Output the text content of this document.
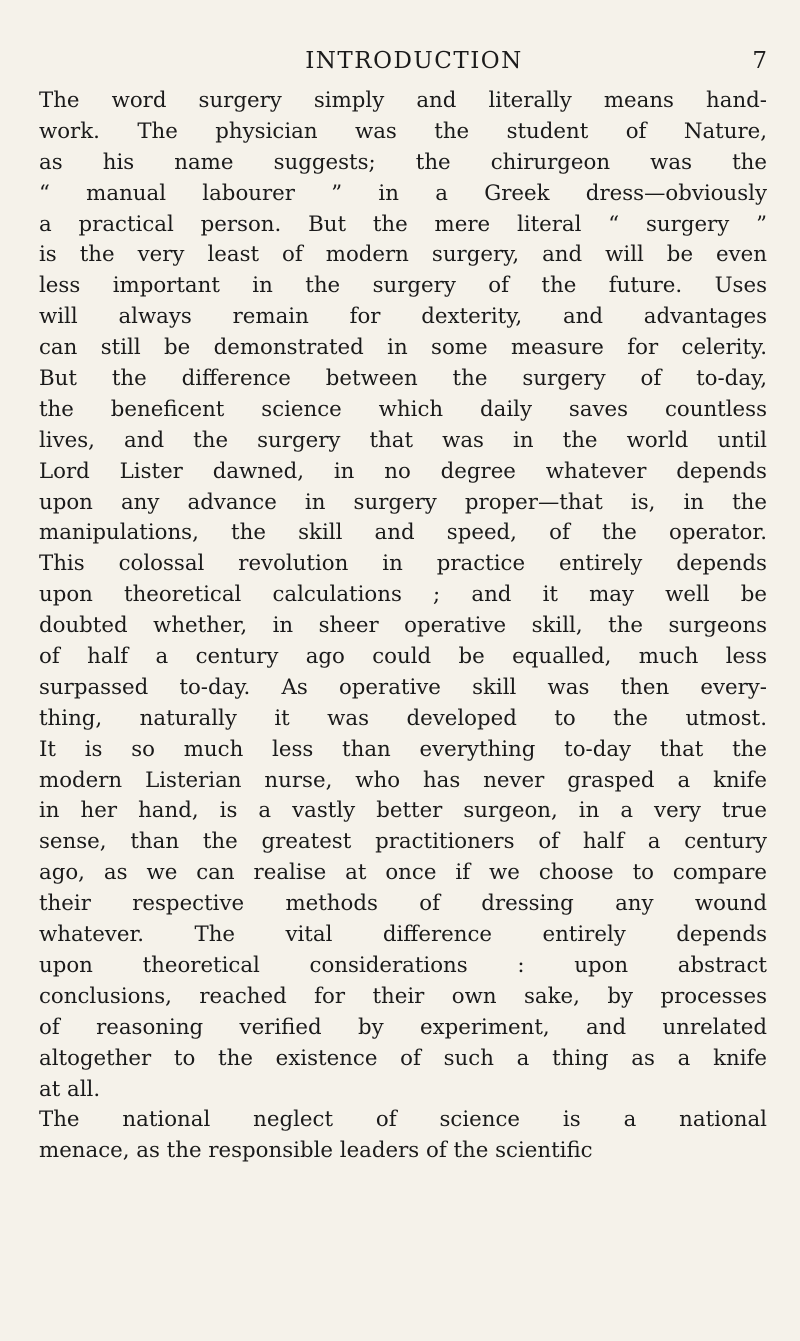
INTRODUCTION	7
The word surgery simply and literally means hand-
work. The physician was the student of Nature,
as his name suggests; the chirurgeon was the
“ manual labourer ” in a Greek dress—obviously
a practical person. But the mere literal “ surgery ”
is the very least of modern surgery, and will be even
less important in the surgery of the future. Uses
will always remain for dexterity, and advantages
can still be demonstrated in some measure for celerity.
But the difference between the surgery of to-day,
the beneficent science which daily saves countless
lives, and the surgery that was in the world until
Lord Lister dawned, in no degree whatever depends
upon any advance in surgery proper—that is, in the
manipulations, the skill and speed, of the operator.
This colossal revolution in practice entirely depends
upon theoretical calculations ; and it may well be
doubted whether, in sheer operative skill, the surgeons
of half a century ago could be equalled, much less
surpassed to-day. As operative skill was then every-
thing, naturally it was developed to the utmost.
It is so much less than everything to-day that the
modern Listerian nurse, who has never grasped a knife
in her hand, is a vastly better surgeon, in a very true
sense, than the greatest practitioners of half a century
ago, as we can realise at once if we choose to compare
their respective methods of dressing any wound
whatever. The vital difference entirely depends
upon theoretical considerations : upon abstract
conclusions, reached for their own sake, by processes
of reasoning verified by experiment, and unrelated
altogether to the existence of such a thing as a knife
at all.
The national neglect of science is a national
menace, as the responsible leaders of the scientific
